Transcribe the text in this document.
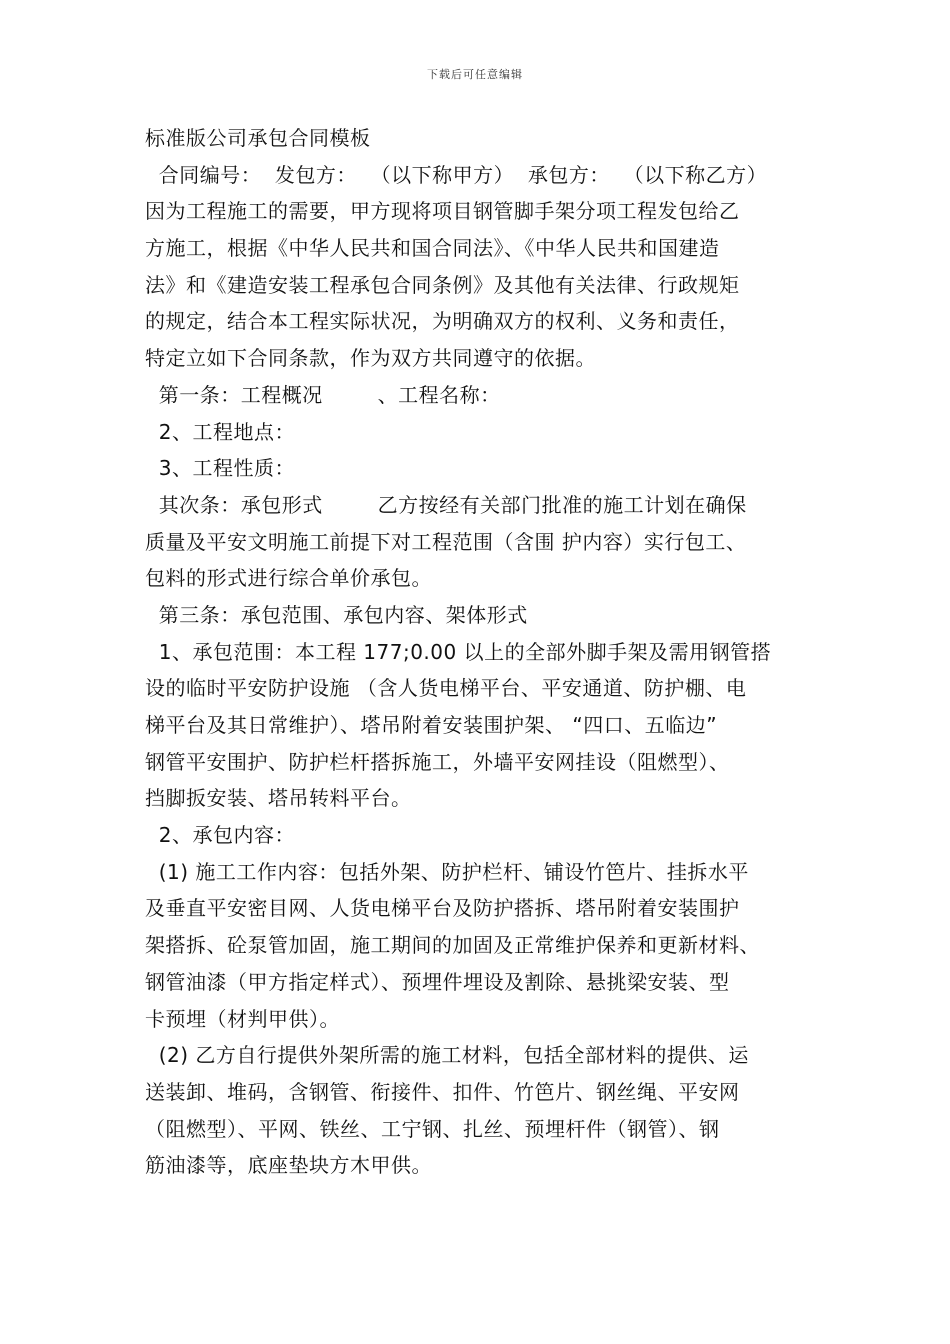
下载后可任意编辑
标准版公司承包合同模板
合同编号：  发包方：  （以下称甲方）  承包方：  （以下称乙方）
因为工程施工的需要，甲方现将项目钢管脚手架分项工程发包给乙
方施工，根据《中华人民共和国合同法》、《中华人民共和国建造
法》和《建造安装工程承包合同条例》及其他有关法律、行政规矩
的规定，结合本工程实际状况，为明确双方的权利、义务和责任，
特定立如下合同条款，作为双方共同遵守的依据。
第一条：工程概况        、工程名称：
2、工程地点：
3、工程性质：
其次条：承包形式        乙方按经有关部门批准的施工计划在确保
质量及平安文明施工前提下对工程范围（含围 护内容）实行包工、
包料的形式进行综合单价承包。
第三条：承包范围、承包内容、架体形式
1、承包范围：本工程 177;0.00 以上的全部外脚手架及需用钢管搭
设的临时平安防护设施 （含人货电梯平台、平安通道、防护棚、电
梯平台及其日常维护）、塔吊附着安装围护架、 “四口、五临边”
钢管平安围护、防护栏杆搭拆施工，外墙平安网挂设（阻燃型）、
挡脚扳安装、塔吊转料平台。
2、承包内容：
(1) 施工工作内容：包括外架、防护栏杆、铺设竹笆片、挂拆水平
及垂直平安密目网、人货电梯平台及防护搭拆、塔吊附着安装围护
架搭拆、砼泵管加固，施工期间的加固及正常维护保养和更新材料、
钢管油漆（甲方指定样式）、预埋件埋设及割除、悬挑梁安装、型
卡预埋（材判甲供）。
(2) 乙方自行提供外架所需的施工材料，包括全部材料的提供、运
送装卸、堆码，含钢管、衔接件、扣件、竹笆片、钢丝绳、平安网
（阻燃型）、平网、铁丝、工宁钢、扎丝、预埋杆件（钢管）、钢
筋油漆等，底座垫块方木甲供。
